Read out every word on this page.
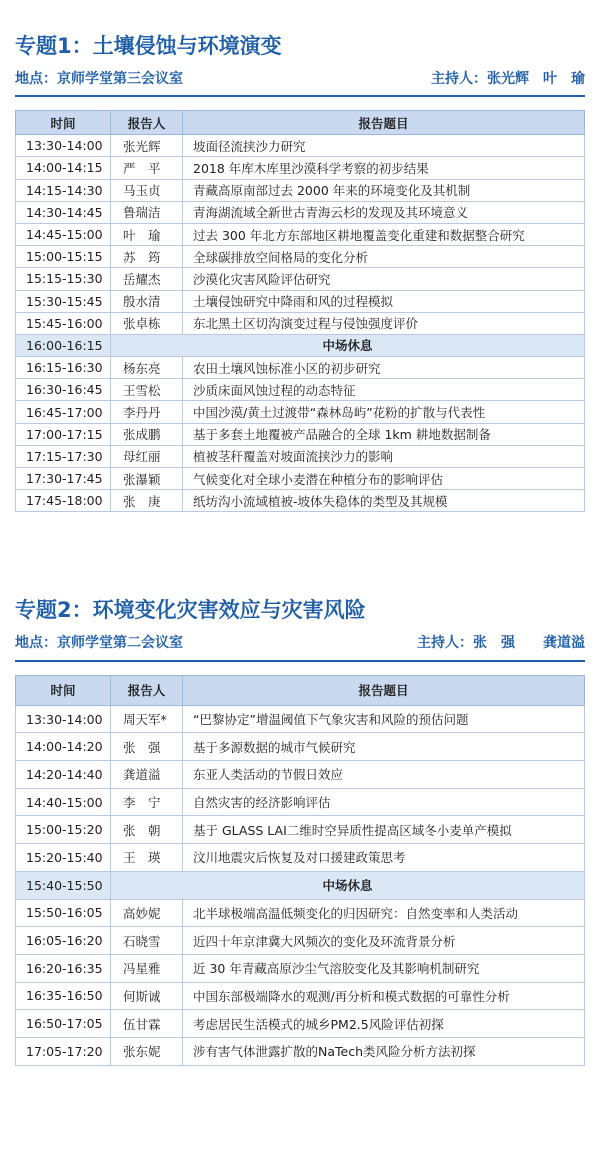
专题1：土壤侵蚀与环境演变
地点：京师学堂第三会议室	主持人：张光辉　叶　瑜
时间	报告人	报告题目
13:30-14:00	张光辉	坡面径流挟沙力研究
14:00-14:15	严　平	2018 年库木库里沙漠科学考察的初步结果
14:15-14:30	马玉贞	青藏高原南部过去 2000 年来的环境变化及其机制
14:30-14:45	鲁瑞洁	青海湖流域全新世古青海云杉的发现及其环境意义
14:45-15:00	叶　瑜	过去 300 年北方东部地区耕地覆盖变化重建和数据整合研究
15:00-15:15	苏　筠	全球碳排放空间格局的变化分析
15:15-15:30	岳耀杰	沙漠化灾害风险评估研究
15:30-15:45	殷水清	土壤侵蚀研究中降雨和风的过程模拟
15:45-16:00	张卓栋	东北黑土区切沟演变过程与侵蚀强度评价
16:00-16:15	中场休息	
16:15-16:30	杨东亮	农田土壤风蚀标准小区的初步研究
16:30-16:45	王雪松	沙质床面风蚀过程的动态特征
16:45-17:00	李丹丹	中国沙漠/黄土过渡带“森林岛屿”花粉的扩散与代表性
17:00-17:15	张成鹏	基于多套土地覆被产品融合的全球 1km 耕地数据制备
17:15-17:30	母红丽	植被茎秆覆盖对坡面流挟沙力的影响
17:30-17:45	张瀑颖	气候变化对全球小麦潜在种植分布的影响评估
17:45-18:00	张　庚	纸坊沟小流域植被-坡体失稳体的类型及其规模
专题2：环境变化灾害效应与灾害风险
地点：京师学堂第二会议室	主持人：张　强　　龚道溢
时间	报告人	报告题目
13:30-14:00	周天军*	“巴黎协定”增温阈值下气象灾害和风险的预估问题
14:00-14:20	张　强	基于多源数据的城市气候研究
14:20-14:40	龚道溢	东亚人类活动的节假日效应
14:40-15:00	李　宁	自然灾害的经济影响评估
15:00-15:20	张　朝	基于 GLASS LAI二维时空异质性提高区域冬小麦单产模拟
15:20-15:40	王　瑛	汶川地震灾后恢复及对口援建政策思考
15:40-15:50	中场休息	
15:50-16:05	高妙妮	北半球极端高温低频变化的归因研究：自然变率和人类活动
16:05-16:20	石晓雪	近四十年京津冀大风频次的变化及环流背景分析
16:20-16:35	冯星雅	近 30 年青藏高原沙尘气溶胶变化及其影响机制研究
16:35-16:50	何斯诚	中国东部极端降水的观测/再分析和模式数据的可靠性分析
16:50-17:05	伍甘霖	考虑居民生活模式的城乡PM2.5风险评估初探
17:05-17:20	张东妮	涉有害气体泄露扩散的NaTech类风险分析方法初探
